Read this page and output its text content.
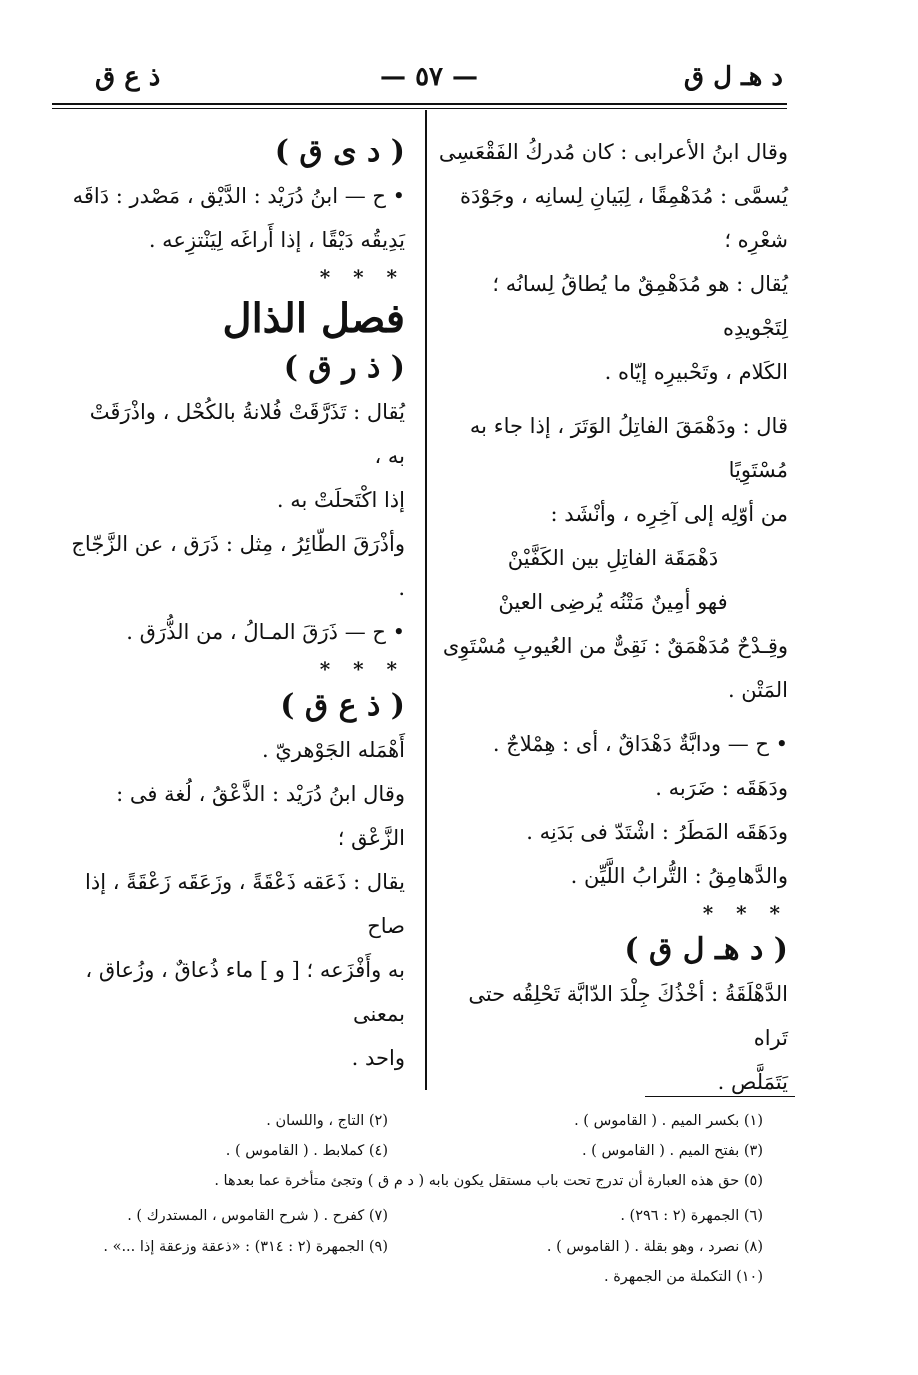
د هـ ل ق
— ٥٧ —
ذ ع ق

وقال ابنُ الأعرابى : كان مُدركُ الفَقْعَسِى

يُسمَّى : مُدَهْمِقًا ، لِبَيانِ لِسانِه ، وجَوْدَة شعْرِه ؛

يُقال : هو مُدَهْمِقٌ ما يُطاقُ لِسانُه ؛ لِتَجْويدِه

الكَلام ، وتَحْبيرِه إيّاه .

قال : ودَهْمَقَ الفاتِلُ الوَتَرَ ، إذا جاء به مُسْتَوِيًا

من أوّلِه إلى آخِرِه ، وأنْشَد :

دَهْمَقَة الفاتِلِ بين الكَفَّيْنْ

فهو أمِينٌ مَتْنُه يُرضِى العينْ

وقِـدْحٌ مُدَهْمَقٌ : نَقِىٌّ من العُيوبِ مُسْتَوِى

المَتْن .

• ح — ودابَّةٌ دَهْدَاقٌ ، أى : هِمْلاجٌ .

ودَهَقَه : ضَرَبه .

ودَهَقَه المَطَرُ : اشْتَدّ فى بَدَنِه .

والدَّهامِقُ : التُّرابُ اللَّيِّن .

* * *

( د هـ ل ق )

الدَّهْلَقَةُ : أخْذُكَ جِلْدَ الدّابَّة تَحْلِقُه حتى تَراه

يَتَمَلَّص .

( د ى ق )

• ح — ابنُ دُرَيْد : الدَّيْق ، مَصْدر : دَاقَه

يَدِيقُه دَيْقًا ، إذا أَراغَه لِيَنْتزِعه .

* * *

فصل الذال

( ذ ر ق )

يُقال : تَذَرَّقَتْ فُلانةُ بالكُحْل ، واذْرَقَتْ به ،

إذا اكْتَحلَتْ به .

وأذْرَقَ الطّائِرُ ، مِثل : ذَرَق ، عن الزَّجّاج .

• ح — ذَرَقَ المـالُ ، من الذُّرَق .

* * *

( ذ ع ق )

أَهْمَله الجَوْهريّ .

وقال ابنُ دُرَيْد : الذَّعْقُ ، لُغة فى : الزَّعْق ؛

يقال : ذَعَقه ذَعْقَةً ، وزَعَقَه زَعْقَةً ، إذا صاح

به وأَفْزَعه ؛ [ و ] ماء ذُعاقٌ ، وزُعاق ، بمعنى

واحد .

(١) بكسر الميم . ( القاموس ) .
(٢) التاج ، واللسان .
(٣) بفتح الميم . ( القاموس ) .
(٤) كملابط . ( القاموس ) .
(٥) حق هذه العبارة أن تدرج تحت باب مستقل يكون بابه ( د م ق ) وتجئ متأخرة عما بعدها .
(٦) الجمهرة (٢ : ٢٩٦) .
(٧) كفرح . ( شرح القاموس ، المستدرك ) .
(٨) نصرد ، وهو بقلة . ( القاموس ) .
(٩) الجمهرة (٢ : ٣١٤) : «ذعقة وزعقة إذا ...» .
(١٠) التكملة من الجمهرة .
